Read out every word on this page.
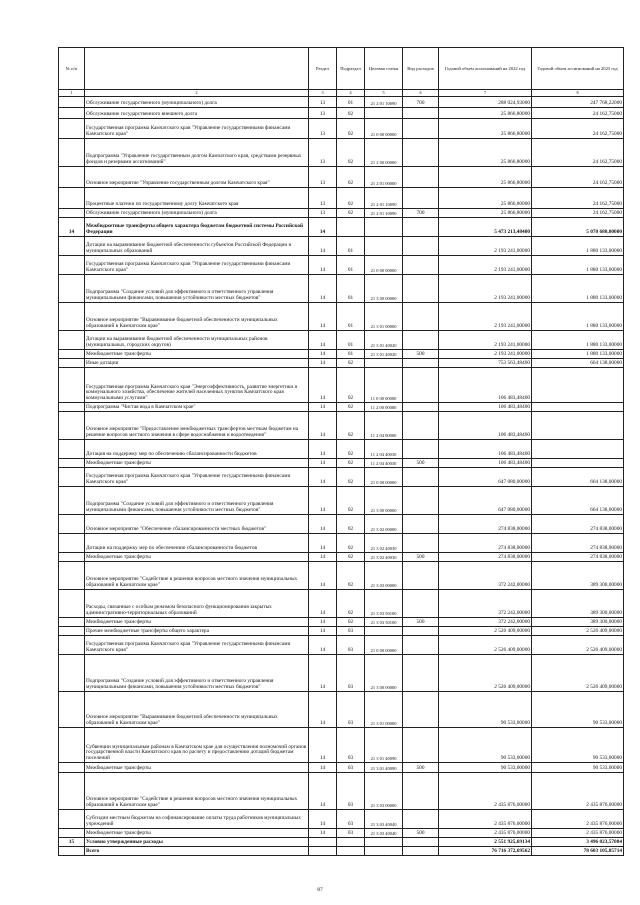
№ п/п		Раздел	Подраздел	Целевая статья	Вид расходов	Годовой объем ассигнований на 2022 год	Годовой объем ассигнований на 2023 год
1	2	3	4	5	6	7	8
	Обслуживание государственного (муниципального) долга	13	01	21 2 01 10090	700	288 024,93000	247 768,22000
	Обслуживание государственного внешнего долга	13	02			25 866,80000	24 162,75000
	Государственная программа Камчатского края "Управление государственными финансами Камчатского края"	13	02	21 0 00 00000		25 866,80000	24 162,75000
	Подпрограмма "Управление государственным долгом Камчатского края, средствами резервных фондов и резервами ассигнований"	13	02	21 2 00 00000		25 866,80000	24 162,75000
	Основное мероприятие "Управление государственным долгом Камчатского края"	13	02	21 2 01 00000		25 866,80000	24 162,75000
	Процентные платежи по государственному долгу Камчатского края	13	02	21 2 01 10090		25 866,80000	24 162,75000
	Обслуживание государственного (муниципального) долга	13	02	21 2 01 10090	700	25 866,80000	24 162,75000
14	Межбюджетные трансферты общего характера бюджетам бюджетной системы Российской Федерации	14				5 473 213,48400	5 070 680,00000
	Дотации на выравнивание бюджетной обеспеченности субъектов Российской Федерации и муниципальных образований	14	01			2 193 241,00000	1 880 133,00000
	Государственная программа Камчатского края "Управление государственными финансами Камчатского края"	14	01	21 0 00 00000		2 193 241,00000	1 880 133,00000
	Подпрограмма "Создание условий для эффективного и ответственного управления муниципальными финансами, повышения устойчивости местных бюджетов"	14	01	21 3 00 00000		2 193 241,00000	1 880 133,00000
	Основное мероприятие "Выравнивание бюджетной обеспеченности муниципальных образований в Камчатском крае"	14	01	21 3 01 00000		2 193 241,00000	1 880 133,00000
	Дотации на выравнивание бюджетной обеспеченности муниципальных районов (муниципальных, городских округов)	14	01	21 3 01 40020		2 193 241,00000	1 880 133,00000
	Межбюджетные трансферты	14	01	21 3 01 40020	500	2 193 241,00000	1 880 133,00000
	Иные дотации	14	02			753 563,48400	664 138,00000
	Государственная программа Камчатского края "Энергоэффективность, развитие энергетики и коммунального хозяйства, обеспечение жителей населенных пунктов Камчатского края коммунальными услугами"	14	02	11 0 00 00000		106 483,48400	
	Подпрограмма "Чистая вода в Камчатском крае"	14	02	11 2 00 00000		106 483,48400	
	Основное мероприятие "Предоставление межбюджетных трансфертов местным бюджетам на решение вопросов местного значения в сфере водоснабжения и водоотведения"	14	02	11 2 04 00000		106 483,48400	
	Дотация на поддержку мер по обеспечению сбалансированности бюджетов	14	02	11 2 04 40030		106 483,48400	
	Межбюджетные трансферты	14	02	11 2 04 40030	500	106 483,48400	
	Государственная программа Камчатского края "Управление государственными финансами Камчатского края"	14	02	21 0 00 00000		647 080,00000	664 138,00000
	Подпрограмма "Создание условий для эффективного и ответственного управления муниципальными финансами, повышения устойчивости местных бюджетов"	14	02	21 3 00 00000		647 080,00000	664 138,00000
	Основное мероприятие "Обеспечение сбалансированности местных бюджетов"	14	02	21 3 02 00000		274 838,00000	274 838,00000
	Дотации на поддержку мер по обеспечению сбалансированности бюджетов	14	02	21 3 02 40030		274 838,00000	274 838,00000
	Межбюджетные трансферты	14	02	21 3 02 40030	500	274 838,00000	274 838,00000
	Основное мероприятие "Содействие в решении вопросов местного значения муниципальных образований в Камчатском крае"	14	02	21 3 03 00000		372 242,00000	389 300,00000
	Расходы, связанные с особым режимом безопасного функционирования закрытых административно-территориальных образований	14	02	21 3 03 50100		372 242,00000	389 300,00000
	Межбюджетные трансферты	14	02	21 3 03 50100	500	372 242,00000	389 300,00000
	Прочие межбюджетные трансферты общего характера	14	03			2 526 409,00000	2 526 409,00000
	Государственная программа Камчатского края "Управление государственными финансами Камчатского края"	14	03	21 0 00 00000		2 526 409,00000	2 526 409,00000
	Подпрограмма "Создание условий для эффективного и ответственного управления муниципальными финансами, повышения устойчивости местных бюджетов"	14	03	21 3 00 00000		2 526 409,00000	2 526 409,00000
	Основное мероприятие "Выравнивание бюджетной обеспеченности муниципальных образований в Камчатском крае"	14	03	21 3 01 00000		90 533,00000	90 533,00000
	Субвенции муниципальным районам в Камчатском крае для осуществления полномочий органов государственной власти Камчатского края по расчету и предоставлению дотаций бюджетам поселений	14	03	21 3 01 40090		90 533,00000	90 533,00000
	Межбюджетные трансферты	14	03	21 3 01 40090	500	90 533,00000	90 533,00000
	Основное мероприятие "Содействие в решении вопросов местного значения муниципальных образований в Камчатском крае"	14	03	21 3 03 00000		2 435 876,00000	2 435 876,00000
	Субсидии местным бюджетам на софинансирование оплаты труда работников муниципальных учреждений	14	03	21 3 03 40040		2 435 876,00000	2 435 876,00000
	Межбюджетные трансферты	14	03	21 3 03 40040	500	2 435 876,00000	2 435 876,00000
15	Условно утвержденные расходы					2 551 925,69134	3 496 023,57084
	Всего					76 716 372,69562	78 603 105,85714
87
